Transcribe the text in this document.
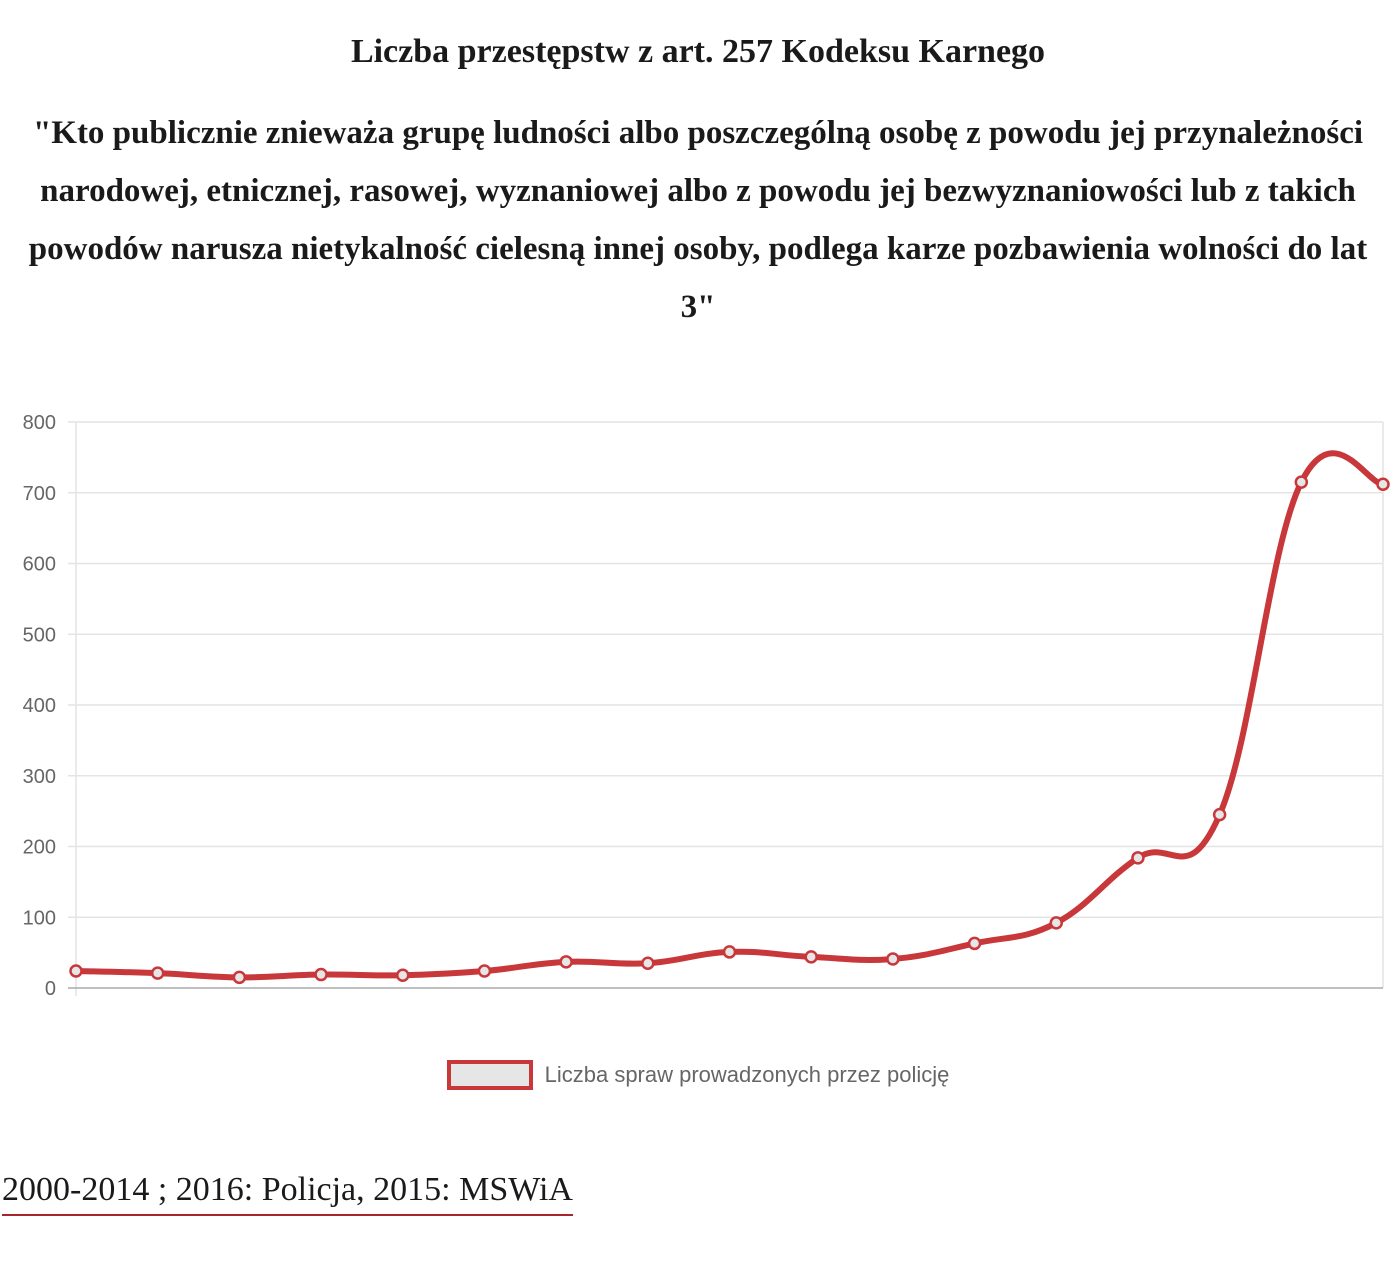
Liczba przestępstw z art. 257 Kodeksu Karnego
"Kto publicznie znieważa grupę ludności albo poszczególną osobę z powodu jej przynależności narodowej, etnicznej, rasowej, wyznaniowej albo z powodu jej bezwyznaniowości lub z takich powodów narusza nietykalność cielesną innej osoby, podlega karze pozbawienia wolności do lat 3"
0
100
200
300
400
500
600
700
800
Liczba spraw prowadzonych przez policję
2000-2014 ; 2016: Policja, 2015: MSWiA
